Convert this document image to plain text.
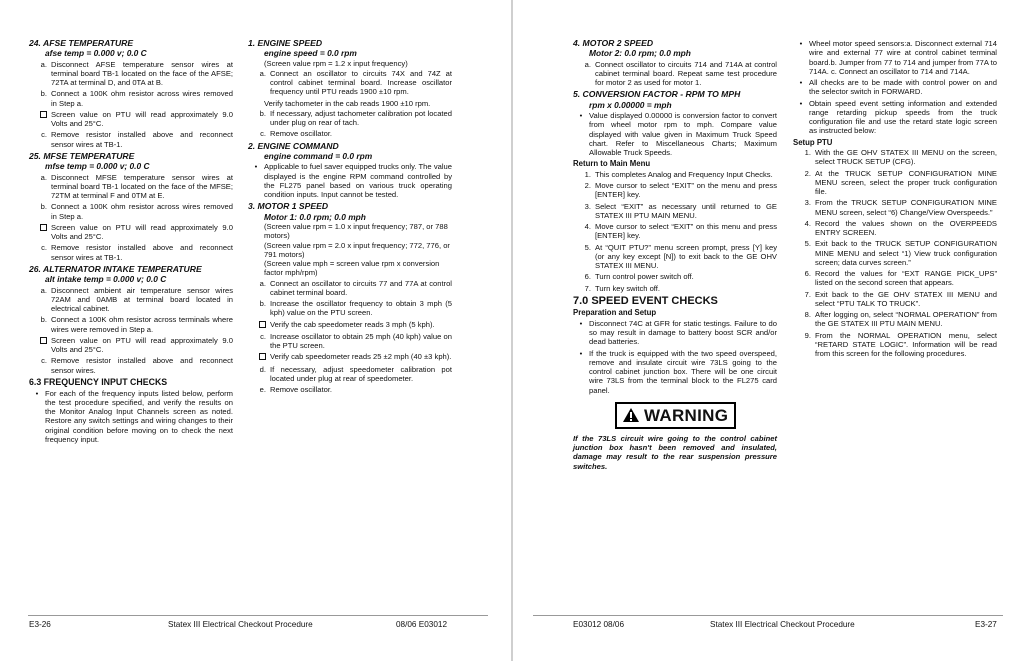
24. AFSE TEMPERATURE

afse temp = 0.000 v; 0.0 C

a. Disconnect AFSE temperature sensor wires at terminal board TB-1 located on the face of the AFSE; 72TA at terminal D, and 0TA at B.
b. Connect a 100K ohm resistor across wires removed in Step a.
Screen value on PTU will read approximately 9.0 Volts and 25°C.
c. Remove resistor installed above and reconnect sensor wires at TB-1.

25. MFSE TEMPERATURE

mfse temp = 0.000 v; 0.0 C

a. Disconnect MFSE temperature sensor wires at terminal board TB-1 located on the face of the MFSE; 72TM at terminal F and 0TM at E.
b. Connect a 100K ohm resistor across wires removed in Step a.
Screen value on PTU will read approximately 9.0 Volts and 25°C.
c. Remove resistor installed above and reconnect sensor wires at TB-1.

26. ALTERNATOR INTAKE TEMPERATURE

alt intake temp = 0.000 v; 0.0 C

a. Disconnect ambient air temperature sensor wires 72AM and 0AMB at terminal board located in electrical cabinet.
b. Connect a 100K ohm resistor across terminals where wires were removed in Step a.
Screen value on PTU will read approximately 9.0 Volts and 25°C.
c. Remove resistor installed above and reconnect sensor wires.

6.3 FREQUENCY INPUT CHECKS

• For each of the frequency inputs listed below, perform the test procedure specified, and verify the results on the Monitor Analog Input Channels screen as noted. Restore any switch settings and wiring changes to their original condition before moving on to check the next frequency input.

1. ENGINE SPEED

engine speed = 0.0 rpm

(Screen value rpm = 1.2 x input frequency)

a. Connect an oscillator to circuits 74X and 74Z at control cabinet terminal board. Increase oscillator frequency until PTU reads 1900 ±10 rpm.

Verify tachometer in the cab reads 1900 ±10 rpm.

b. If necessary, adjust tachometer calibration pot located under plug on rear of tach.
c. Remove oscillator.

2. ENGINE COMMAND

engine command = 0.0 rpm

• Applicable to fuel saver equipped trucks only. The value displayed is the engine RPM command controlled by the FL275 panel based on various truck operating condition inputs. Input cannot be tested.

3. MOTOR 1 SPEED

Motor 1: 0.0 rpm; 0.0 mph

(Screen value rpm = 1.0 x input frequency; 787, or 788 motors)

(Screen value rpm = 2.0 x input frequency; 772, 776, or 791 motors)

(Screen value mph = screen value rpm x conversion factor mph/rpm)

a. Connect an oscillator to circuits 77 and 77A at control cabinet terminal board.
b. Increase the oscillator frequency to obtain 3 mph (5 kph) value on the PTU screen.
Verify the cab speedometer reads 3 mph (5 kph).
c. Increase oscillator to obtain 25 mph (40 kph) value on the PTU screen.
Verify cab speedometer reads 25 ±2 mph (40 ±3 kph).
d. If necessary, adjust speedometer calibration pot located under plug at rear of speedometer.
e. Remove oscillator.
E3-26	Statex III Electrical Checkout Procedure	08/06 E03012

4. MOTOR 2 SPEED

Motor 2: 0.0 rpm; 0.0 mph

a. Connect oscillator to circuits 714 and 714A at control cabinet terminal board. Repeat same test procedure for motor 2 as used for motor 1.

5. CONVERSION FACTOR - RPM TO MPH

rpm x 0.00000 = mph

• Value displayed 0.00000 is conversion factor to convert from wheel motor rpm to mph. Compare value displayed with value given in Maximum Truck Speed chart. Refer to Miscellaneous Charts; Maximum Allowable Truck Speeds.

Return to Main Menu

1. This completes Analog and Frequency Input Checks.
2. Move cursor to select “EXIT” on the menu and press [ENTER] key.
3. Select “EXIT” as necessary until returned to GE STATEX III PTU MAIN MENU.
4. Move cursor to select “EXIT” on this menu and press [ENTER] key.
5. At “QUIT PTU?” menu screen prompt, press [Y] key (or any key except [N]) to exit back to the GE OHV STATEX III MENU.
6. Turn control power switch off.
7. Turn key switch off.

7.0 SPEED EVENT CHECKS

Preparation and Setup

• Disconnect 74C at GFR for static testings. Failure to do so may result in damage to battery boost SCR and/or dead batteries.
• If the truck is equipped with the two speed overspeed, remove and insulate circuit wire 73LS going to the control cabinet junction box. There will be one circuit wire 73LS from the terminal block to the FL275 card panel.
WARNING

If the 73LS circuit wire going to the control cabinet junction box hasn't been removed and insulated, damage may result to the rear suspension pressure switches.

• Wheel motor speed sensors:a. Disconnect external 714 wire and external 77 wire at control cabinet terminal board.b. Jumper from 77 to 714 and jumper from 77A to 714A. c. Connect an oscillator to 714 and 714A.
• All checks are to be made with control power on and the selector switch in FORWARD.
• Obtain speed event setting information and extended range retarding pickup speeds from the truck configuration file and use the retard state logic screen as instructed below:

Setup PTU

1. With the GE OHV STATEX III MENU on the screen, select TRUCK SETUP (CFG).
2. At the TRUCK SETUP CONFIGURATION MINE MENU screen, select the proper truck configuration file.
3. From the TRUCK SETUP CONFIGURATION MINE MENU screen, select “6) Change/View Overspeeds.”
4. Record the values shown on the OVERPEEDS ENTRY SCREEN.
5. Exit back to the TRUCK SETUP CONFIGURATION MINE MENU and select “1) View truck configuration screen; data curves screen.”
6. Record the values for “EXT RANGE PICK_UPS” listed on the second screen that appears.
7. Exit back to the GE OHV STATEX III MENU and select “PTU TALK TO TRUCK”.
8. After logging on, select “NORMAL OPERATION” from the GE STATEX III PTU MAIN MENU.
9. From the NORMAL OPERATION menu, select “RETARD STATE LOGIC”. Information will be read from this screen for the following procedures.
E03012 08/06	Statex III Electrical Checkout Procedure	E3-27
